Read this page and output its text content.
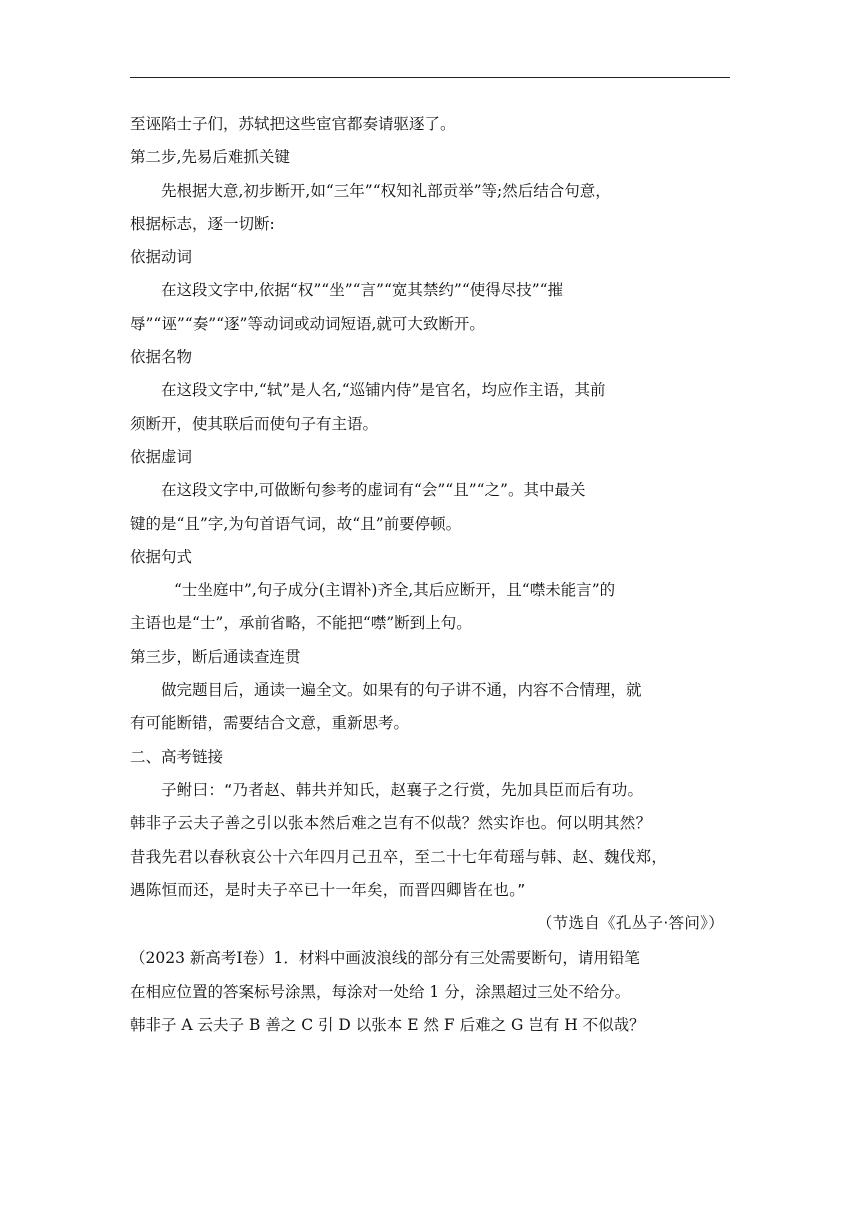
至诬陷士子们，苏轼把这些宦官都奏请驱逐了。
第二步,先易后难抓关键
先根据大意,初步断开,如“三年”“权知礼部贡举”等;然后结合句意，
根据标志，逐一切断:
依据动词
在这段文字中,依据“权”“坐”“言”“宽其禁约”“使得尽技”“摧
辱”“诬”“奏”“逐”等动词或动词短语,就可大致断开。
依据名物
在这段文字中,“轼”是人名,“巡铺内侍”是官名，均应作主语，其前
须断开，使其联后而使句子有主语。
依据虚词
在这段文字中,可做断句参考的虚词有“会”“且”“之”。其中最关
键的是“且”字,为句首语气词，故“且”前要停顿。
依据句式
“士坐庭中”,句子成分(主谓补)齐全,其后应断开，且“噤未能言”的
主语也是“士”，承前省略，不能把“噤”断到上句。
第三步，断后通读查连贯
做完题目后，通读一遍全文。如果有的句子讲不通，内容不合情理，就
有可能断错，需要结合文意，重新思考。
二、高考链接
子鲋曰：“乃者赵、韩共并知氏，赵襄子之行赏，先加具臣而后有功。
韩非子云夫子善之引以张本然后难之岂有不似哉？然实诈也。何以明其然？
昔我先君以春秋哀公十六年四月己丑卒，至二十七年荀瑶与韩、赵、魏伐郑，
遇陈恒而还，是时夫子卒已十一年矣，而晋四卿皆在也。”
（节选自《孔丛子·答问》）
（2023 新高考Ⅰ卷）1．材料中画波浪线的部分有三处需要断句，请用铅笔
在相应位置的答案标号涂黑，每涂对一处给 1 分，涂黑超过三处不给分。
韩非子 A 云夫子 B 善之 C 引 D 以张本 E 然 F 后难之 G 岂有 H 不似哉？
